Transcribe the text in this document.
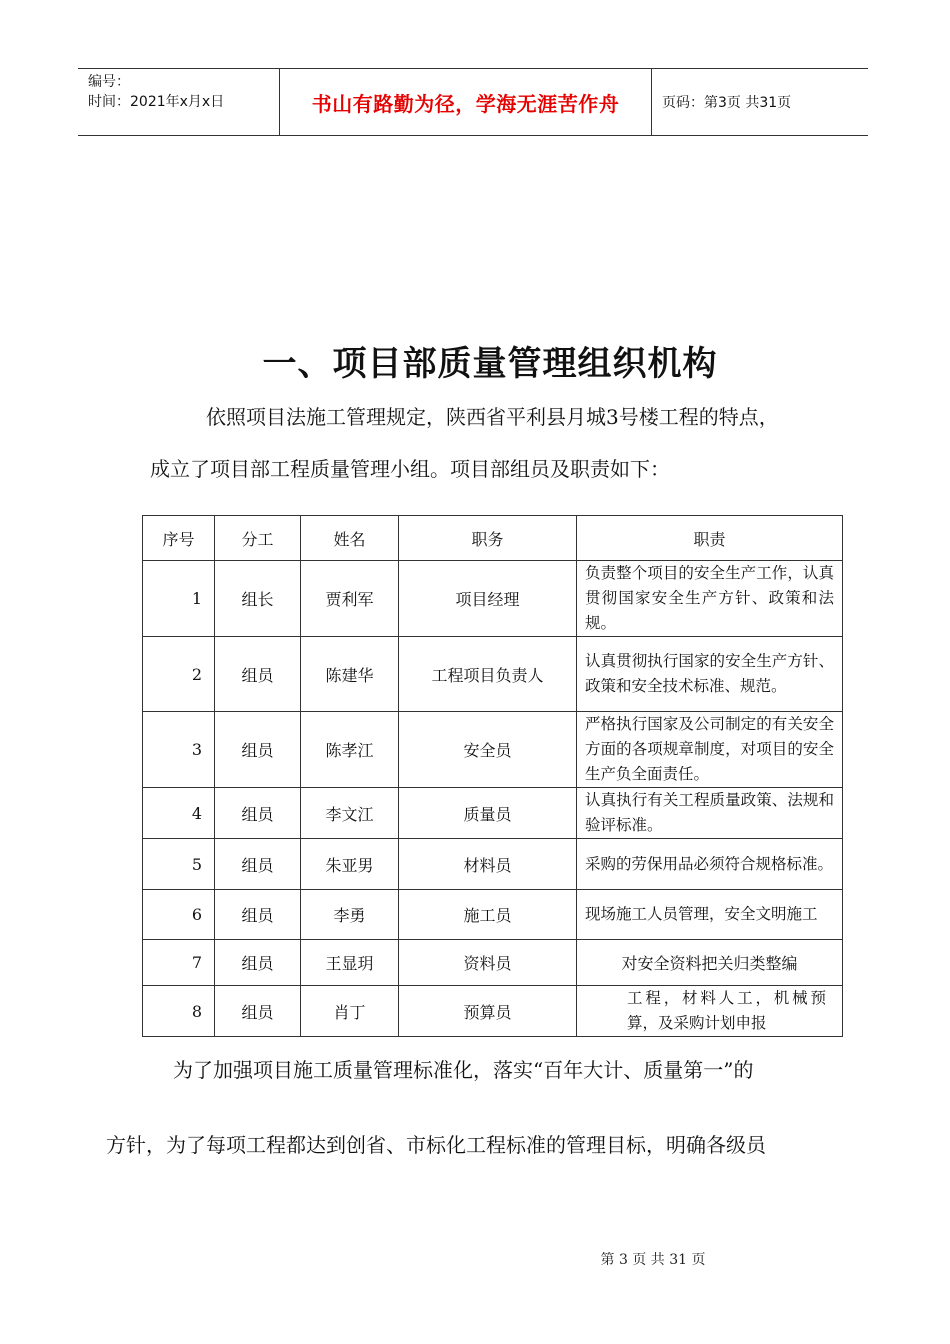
编号：
时间：2021年x月x日	书山有路勤为径，学海无涯苦作舟	页码：第3页 共31页
一、项目部质量管理组织机构
依照项目法施工管理规定，陕西省平利县月城3号楼工程的特点，
成立了项目部工程质量管理小组。项目部组员及职责如下：
序号	分工	姓名	职务	职责
1	组长	贾利军	项目经理	负责整个项目的安全生产工作，认真贯彻国家安全生产方针、政策和法规。
2	组员	陈建华	工程项目负责人	认真贯彻执行国家的安全生产方针、政策和安全技术标准、规范。
3	组员	陈孝江	安全员	严格执行国家及公司制定的有关安全方面的各项规章制度，对项目的安全生产负全面责任。
4	组员	李文江	质量员	认真执行有关工程质量政策、法规和验评标准。
5	组员	朱亚男	材料员	采购的劳保用品必须符合规格标准。
6	组员	李勇	施工员	现场施工人员管理，安全文明施工
7	组员	王显玥	资料员	对安全资料把关归类整编
8	组员	肖丁	预算员	工程，材料人工，机械预算，及采购计划申报
为了加强项目施工质量管理标准化，落实“百年大计、质量第一”的
方针，为了每项工程都达到创省、市标化工程标准的管理目标，明确各级员
第 3 页 共 31 页
